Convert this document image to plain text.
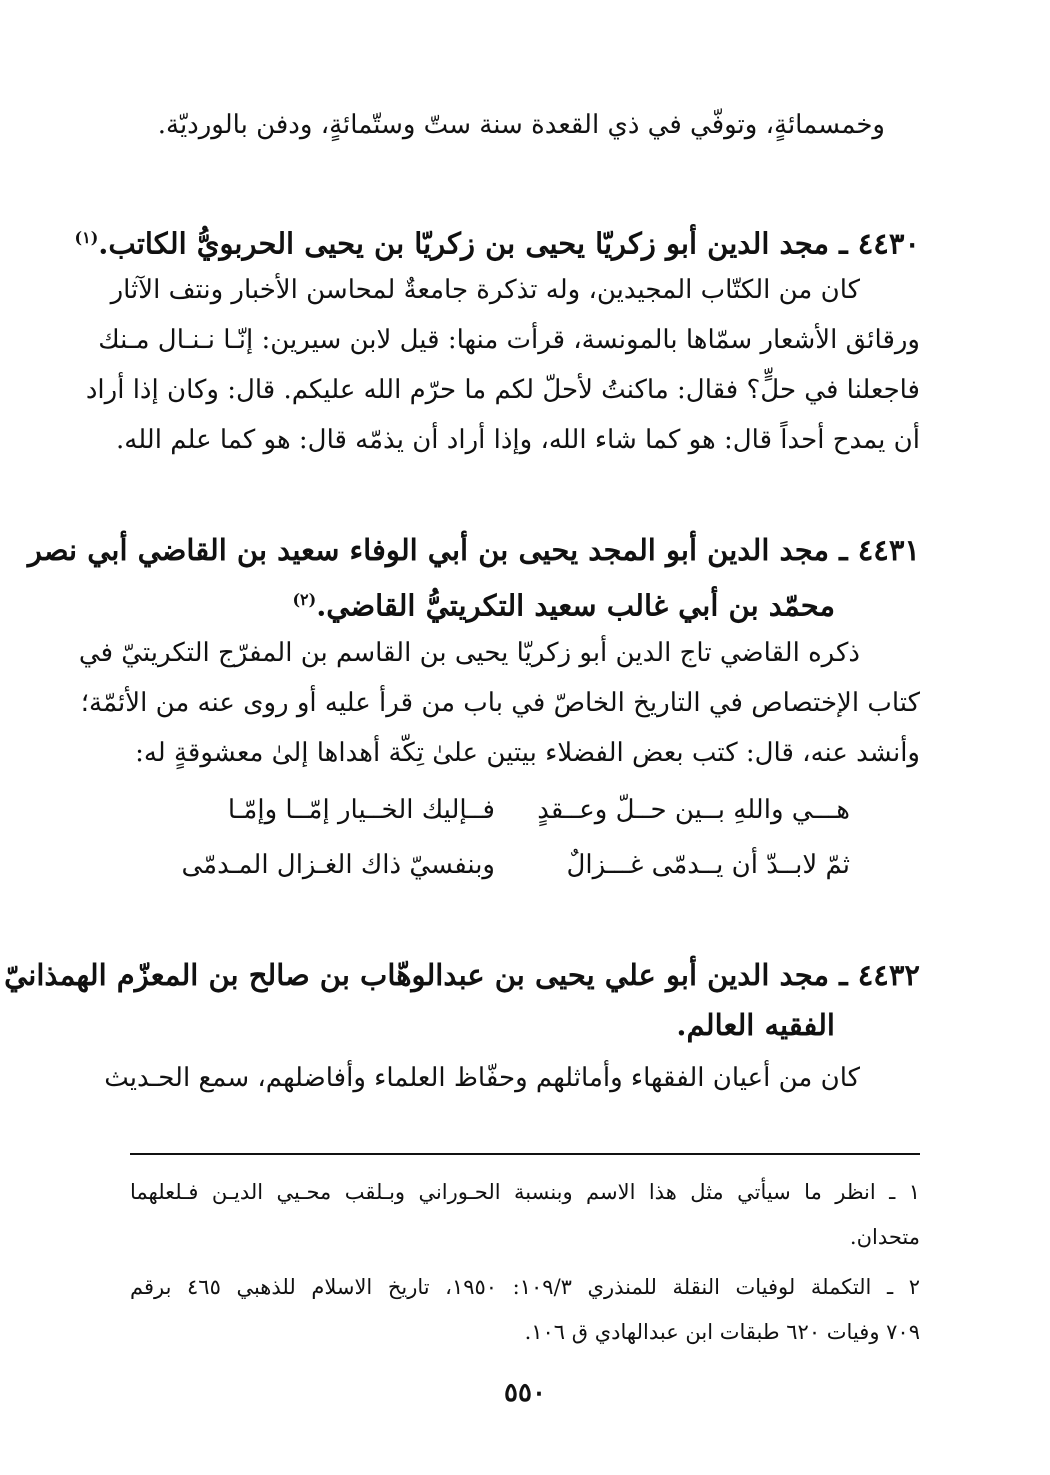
وخمسمائةٍ، وتوفّي في ذي القعدة سنة ستّ وستّمائةٍ، ودفن بالورديّة.
٤٤٣٠ ـ مجد الدين أبو زكريّا يحيى بن زكريّا بن يحيى الحربويُّ الكاتب.$^{(١)}$
كان من الكتّاب المجيدين، وله تذكرة جامعةٌ لمحاسن الأخبار ونتف الآثار
ورقائق الأشعار سمّاها بالمونسة، قرأت منها: قيل لابن سيرين: إنّـا نـنـال مـنك
فاجعلنا في حلٍّ؟ فقال: ماكنتُ لأحلّ لكم ما حرّم الله عليكم. قال: وكان إذا أراد
أن يمدح أحداً قال: هو كما شاء الله، وإذا أراد أن يذمّه قال: هو كما علم الله.
٤٤٣١ ـ مجد الدين أبو المجد يحيى بن أبي الوفاء سعيد بن القاضي أبي نصر
محمّد بن أبي غالب سعيد التكريتيُّ القاضي.$^{(٢)}$
ذكره القاضي تاج الدين أبو زكريّا يحيى بن القاسم بن المفرّج التكريتيّ في
كتاب الإختصاص في التاريخ الخاصّ في باب من قرأ عليه أو روى عنه من الأئمّة؛
وأنشد عنه، قال: كتب بعض الفضلاء بيتين علىٰ تِكّة أهداها إلىٰ معشوقةٍ له:
هـــي واللهِ بــين حــلّ وعــقدٍ
فــإليك الخــيار إمّــا وإمّـا
ثمّ لابــدّ أن يــدمّى غـــزالٌ
وبنفسيّ ذاك الغـزال المـدمّى
٤٤٣٢ ـ مجد الدين أبو علي يحيى بن عبدالوهّاب بن صالح بن المعزّم الهمذانيّ
الفقيه العالم.
كان من أعيان الفقهاء وأماثلهم وحفّاظ العلماء وأفاضلهم، سمع الحـديث
١ ـ انظر ما سيأتي مثل هذا الاسم وبنسبة الحـوراني وبـلقب محـيي الديـن فـلعلهما
متحدان.
٢ ـ التكملة لوفيات النقلة للمنذري ١٠٩/٣: ١٩٥٠، تاريخ الاسلام للذهبي ٤٦٥ برقم
٧٠٩ وفيات ٦٢٠ طبقات ابن عبدالهادي ق ١٠٦.
٥٥٠
